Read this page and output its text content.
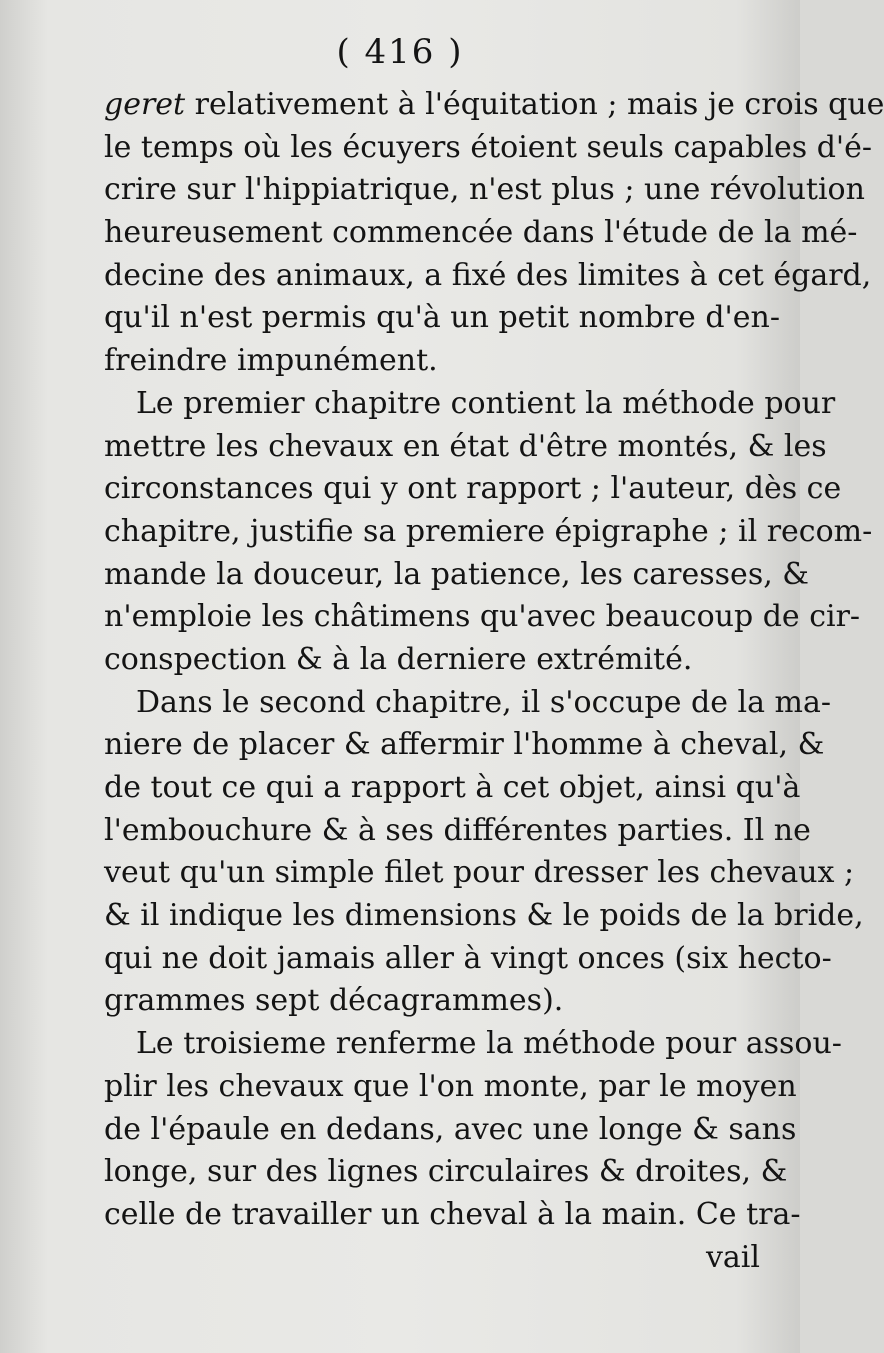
( 416 )
geret relativement à l'équitation ; mais je crois que
le temps où les écuyers étoient seuls capables d'é-
crire sur l'hippiatrique, n'est plus ; une révolution
heureusement commencée dans l'étude de la mé-
decine des animaux, a fixé des limites à cet égard,
qu'il n'est permis qu'à un petit nombre d'en-
freindre impunément.
Le premier chapitre contient la méthode pour
mettre les chevaux en état d'être montés, & les
circonstances qui y ont rapport ; l'auteur, dès ce
chapitre, justifie sa premiere épigraphe ; il recom-
mande la douceur, la patience, les caresses, &
n'emploie les châtimens qu'avec beaucoup de cir-
conspection & à la derniere extrémité.
Dans le second chapitre, il s'occupe de la ma-
niere de placer & affermir l'homme à cheval, &
de tout ce qui a rapport à cet objet, ainsi qu'à
l'embouchure & à ses différentes parties. Il ne
veut qu'un simple filet pour dresser les chevaux ;
& il indique les dimensions & le poids de la bride,
qui ne doit jamais aller à vingt onces (six hecto-
grammes sept décagrammes).
Le troisieme renferme la méthode pour assou-
plir les chevaux que l'on monte, par le moyen
de l'épaule en dedans, avec une longe & sans
longe, sur des lignes circulaires & droites, &
celle de travailler un cheval à la main. Ce tra-
vail
